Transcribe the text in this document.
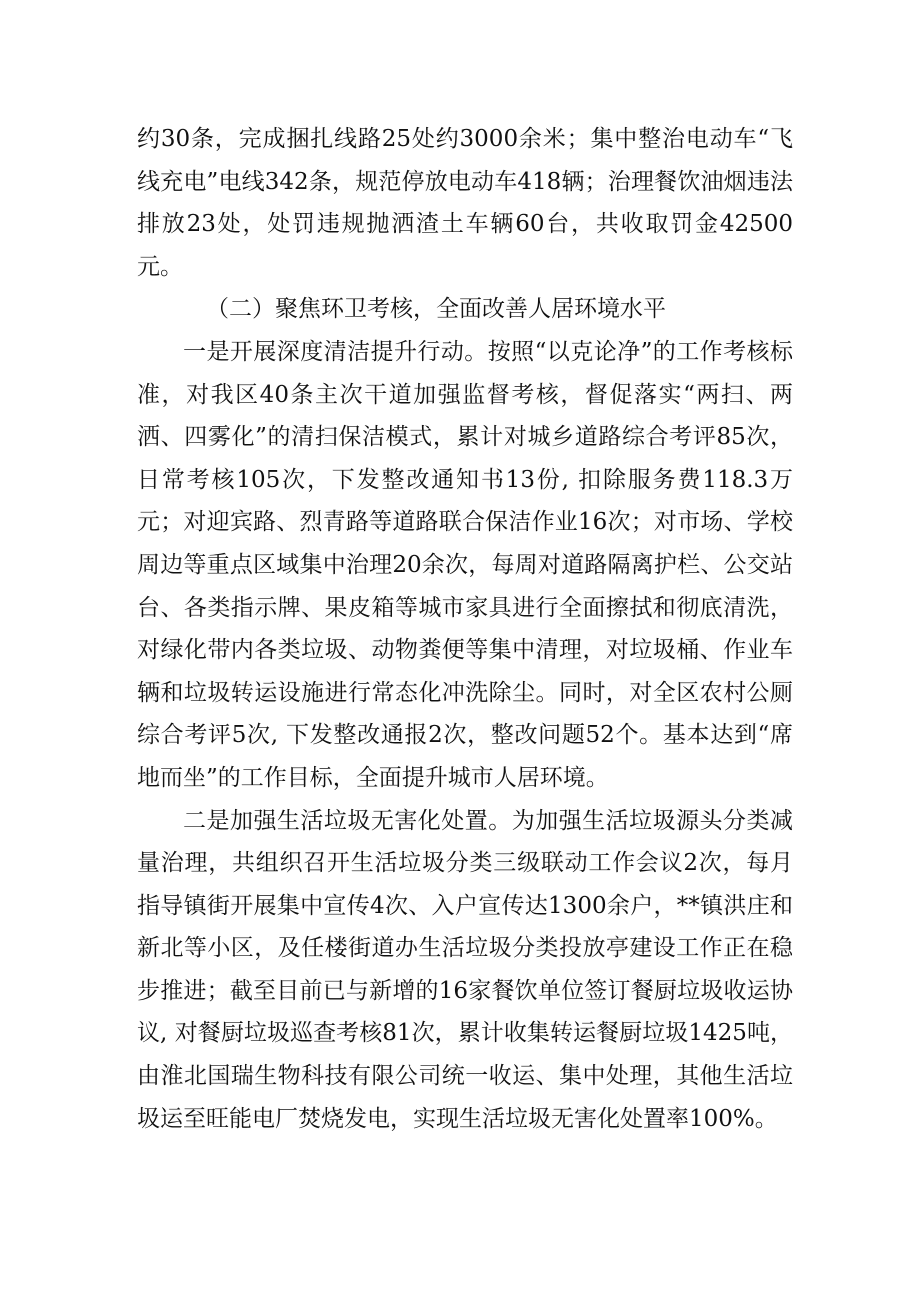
约30条，完成捆扎线路25处约3000余米；集中整治电动车“飞线充电”电线342条，规范停放电动车418辆；治理餐饮油烟违法排放23处，处罚违规抛洒渣土车辆60台，共收取罚金42500元。

（二）聚焦环卫考核，全面改善人居环境水平

一是开展深度清洁提升行动。按照“以克论净”的工作考核标准，对我区40条主次干道加强监督考核，督促落实“两扫、两洒、四雾化”的清扫保洁模式，累计对城乡道路综合考评85次，日常考核105次，下发整改通知书13份, 扣除服务费118.3万元；对迎宾路、烈青路等道路联合保洁作业16次；对市场、学校周边等重点区域集中治理20余次，每周对道路隔离护栏、公交站台、各类指示牌、果皮箱等城市家具进行全面擦拭和彻底清洗，对绿化带内各类垃圾、动物粪便等集中清理，对垃圾桶、作业车辆和垃圾转运设施进行常态化冲洗除尘。同时，对全区农村公厕综合考评5次, 下发整改通报2次，整改问题52个。基本达到“席地而坐”的工作目标，全面提升城市人居环境。

二是加强生活垃圾无害化处置。为加强生活垃圾源头分类减量治理，共组织召开生活垃圾分类三级联动工作会议2次，每月指导镇街开展集中宣传4次、入户宣传达1300余户，**镇洪庄和新北等小区，及任楼街道办生活垃圾分类投放亭建设工作正在稳步推进；截至目前已与新增的16家餐饮单位签订餐厨垃圾收运协议, 对餐厨垃圾巡查考核81次，累计收集转运餐厨垃圾1425吨，由淮北国瑞生物科技有限公司统一收运、集中处理，其他生活垃圾运至旺能电厂焚烧发电，实现生活垃圾无害化处置率100%。
